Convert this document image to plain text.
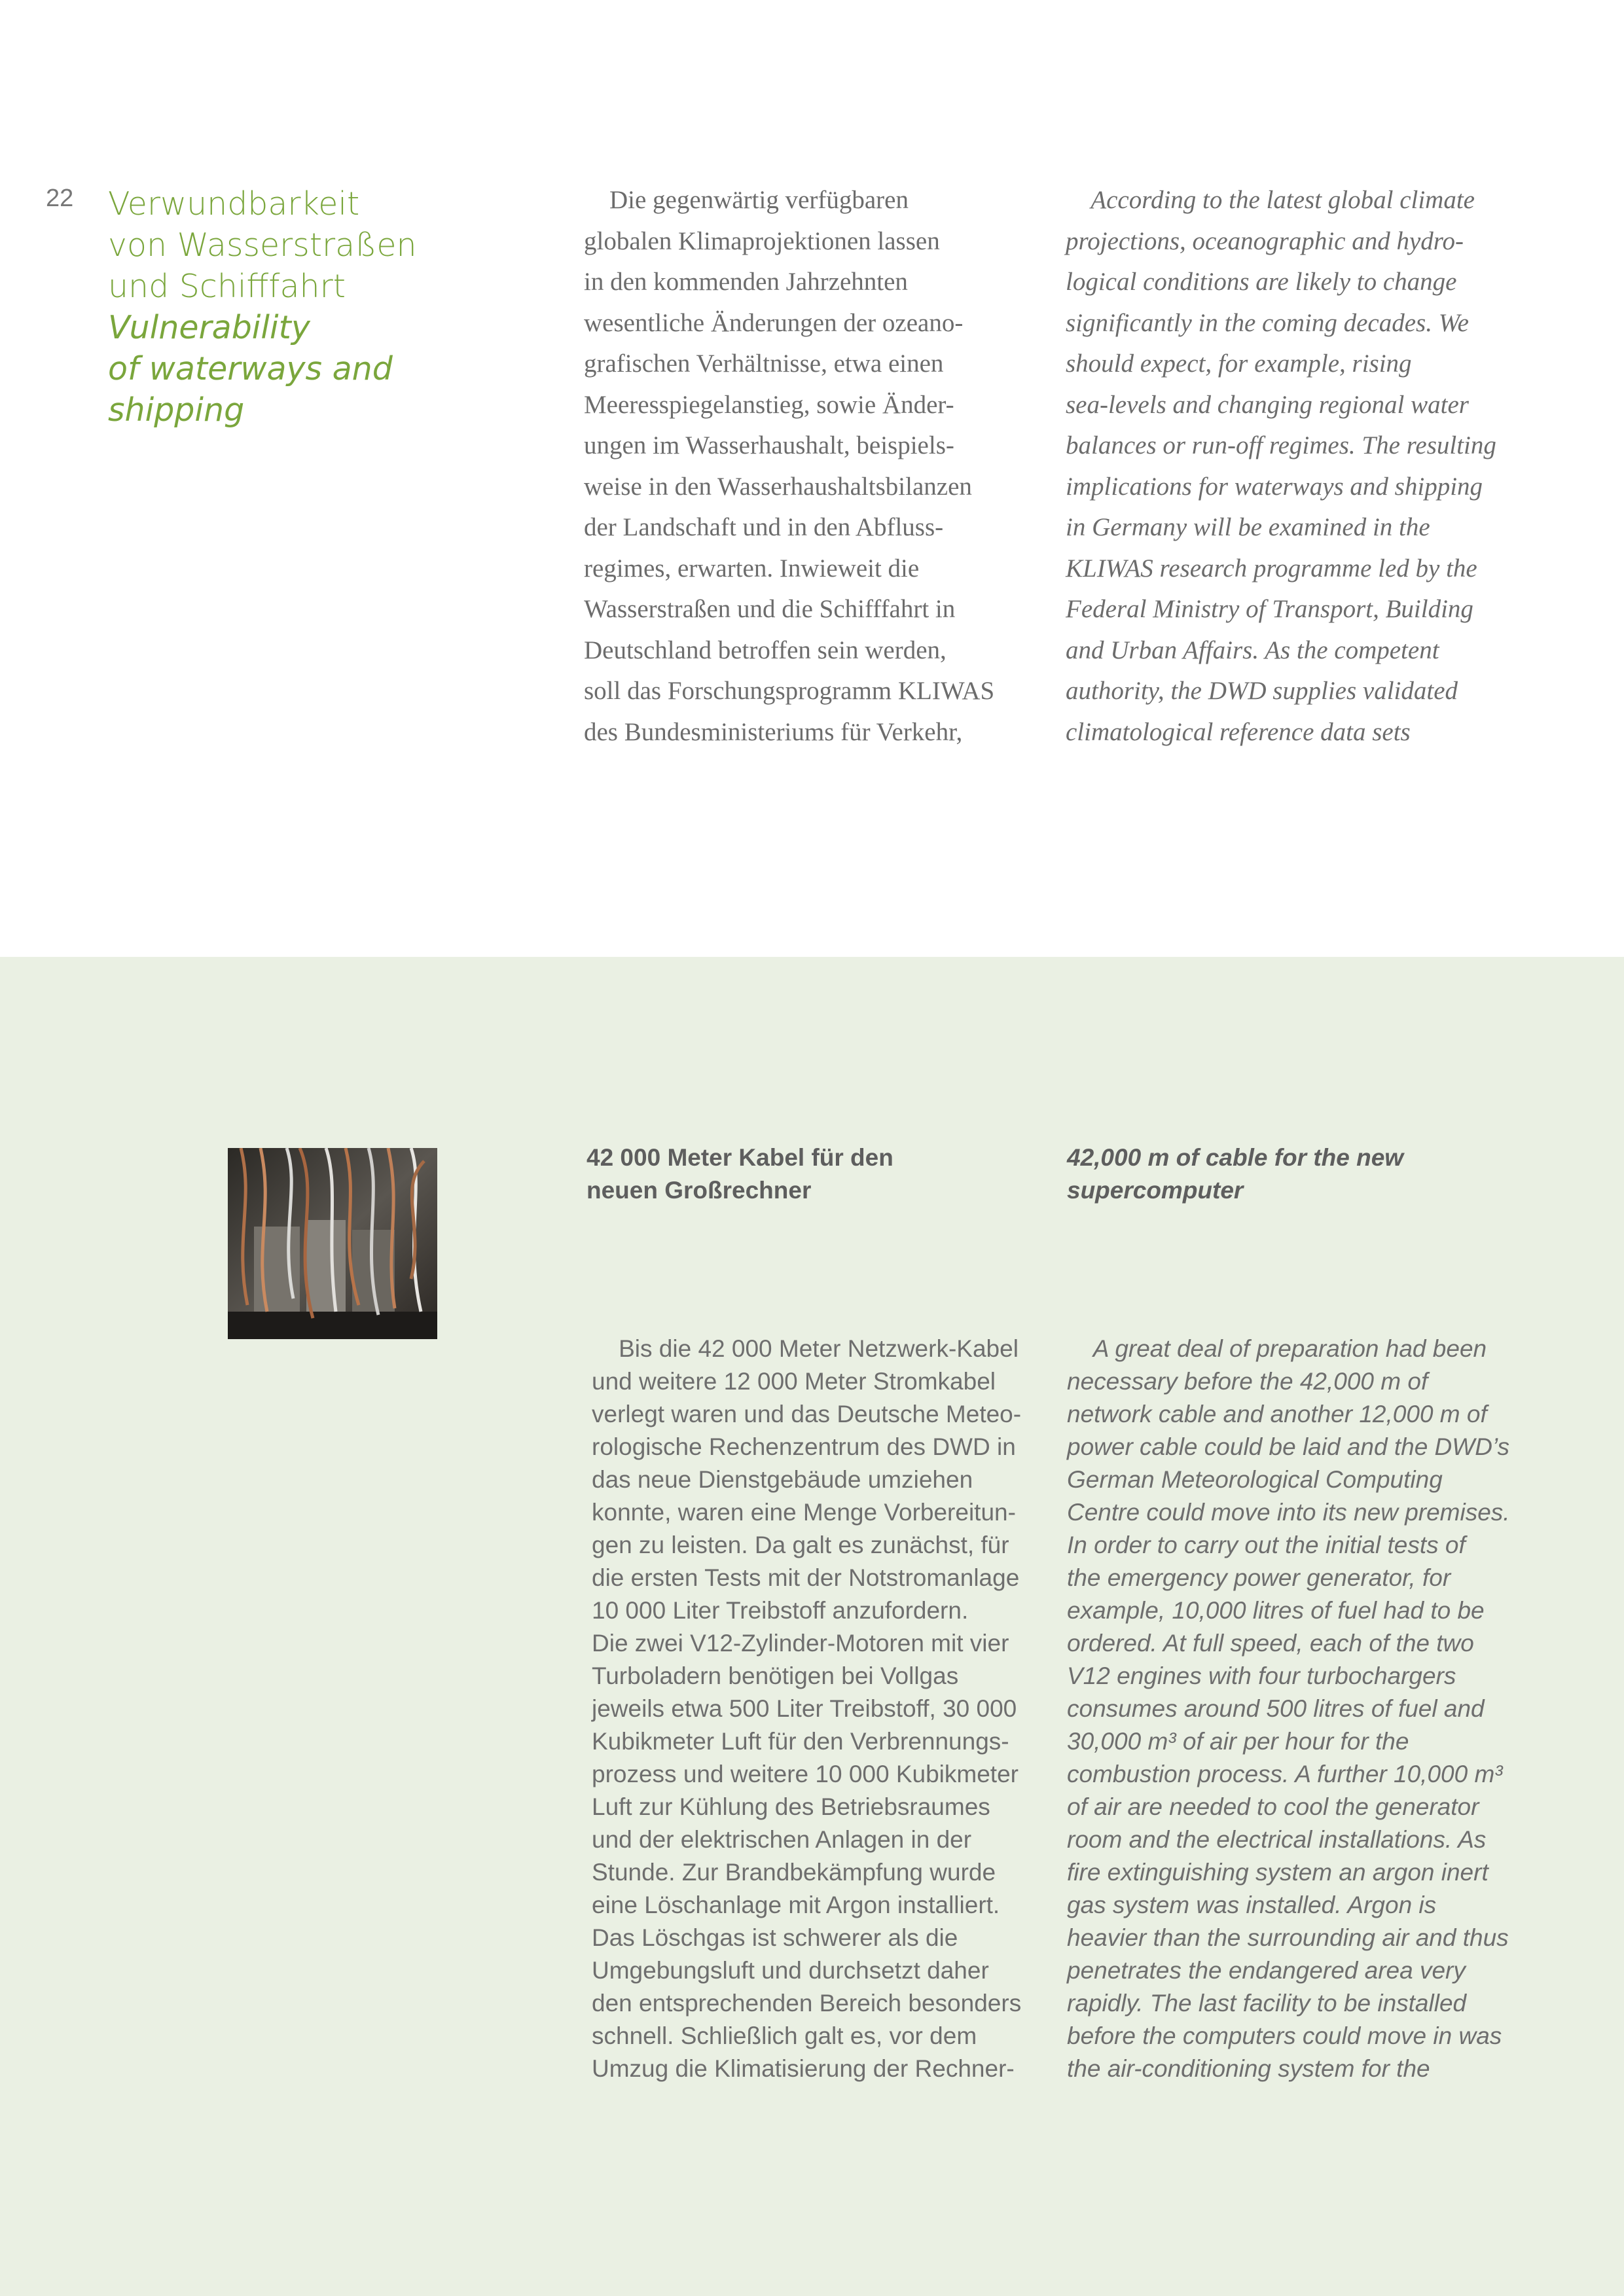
22 Verwundbarkeit
von Wasserstraßen
und Schifffahrt
Vulnerability
of waterways and
shipping
Die gegenwärtig verfügbaren
globalen Klimaprojektionen lassen
in den kommenden Jahrzehnten
wesentliche Änderungen der ozeano-
grafischen Verhältnisse, etwa einen
Meeresspiegelanstieg, sowie Änder-
ungen im Wasserhaushalt, beispiels-
weise in den Wasserhaushaltsbilanzen
der Landschaft und in den Abfluss-
regimes, erwarten. Inwieweit die
Wasserstraßen und die Schifffahrt in
Deutschland betroffen sein werden,
soll das Forschungsprogramm KLIWAS
des Bundesministeriums für Verkehr,
According to the latest global climate
projections, oceanographic and hydro-
logical conditions are likely to change
significantly in the coming decades. We
should expect, for example, rising
sea-levels and changing regional water
balances or run-off regimes. The resulting
implications for waterways and shipping
in Germany will be examined in the
KLIWAS research programme led by the
Federal Ministry of Transport, Building
and Urban Affairs. As the competent
authority, the DWD supplies validated
climatological reference data sets
42 000 Meter Kabel für den
neuen Großrechner
42,000 m of cable for the new
supercomputer
Bis die 42 000 Meter Netzwerk-Kabel
und weitere 12 000 Meter Stromkabel
verlegt waren und das Deutsche Meteo-
rologische Rechenzentrum des DWD in
das neue Dienstgebäude umziehen
konnte, waren eine Menge Vorbereitun-
gen zu leisten. Da galt es zunächst, für
die ersten Tests mit der Notstromanlage
10 000 Liter Treibstoff anzufordern.
Die zwei V12-Zylinder-Motoren mit vier
Turboladern benötigen bei Vollgas
jeweils etwa 500 Liter Treibstoff, 30 000
Kubikmeter Luft für den Verbrennungs-
prozess und weitere 10 000 Kubikmeter
Luft zur Kühlung des Betriebsraumes
und der elektrischen Anlagen in der
Stunde. Zur Brandbekämpfung wurde
eine Löschanlage mit Argon installiert.
Das Löschgas ist schwerer als die
Umgebungsluft und durchsetzt daher
den entsprechenden Bereich besonders
schnell. Schließlich galt es, vor dem
Umzug die Klimatisierung der Rechner-
A great deal of preparation had been
necessary before the 42,000 m of
network cable and another 12,000 m of
power cable could be laid and the DWD’s
German Meteorological Computing
Centre could move into its new premises.
In order to carry out the initial tests of
the emergency power generator, for
example, 10,000 litres of fuel had to be
ordered. At full speed, each of the two
V12 engines with four turbochargers
consumes around 500 litres of fuel and
30,000 m³ of air per hour for the
combustion process. A further 10,000 m³
of air are needed to cool the generator
room and the electrical installations. As
fire extinguishing system an argon inert
gas system was installed. Argon is
heavier than the surrounding air and thus
penetrates the endangered area very
rapidly. The last facility to be installed
before the computers could move in was
the air-conditioning system for the
